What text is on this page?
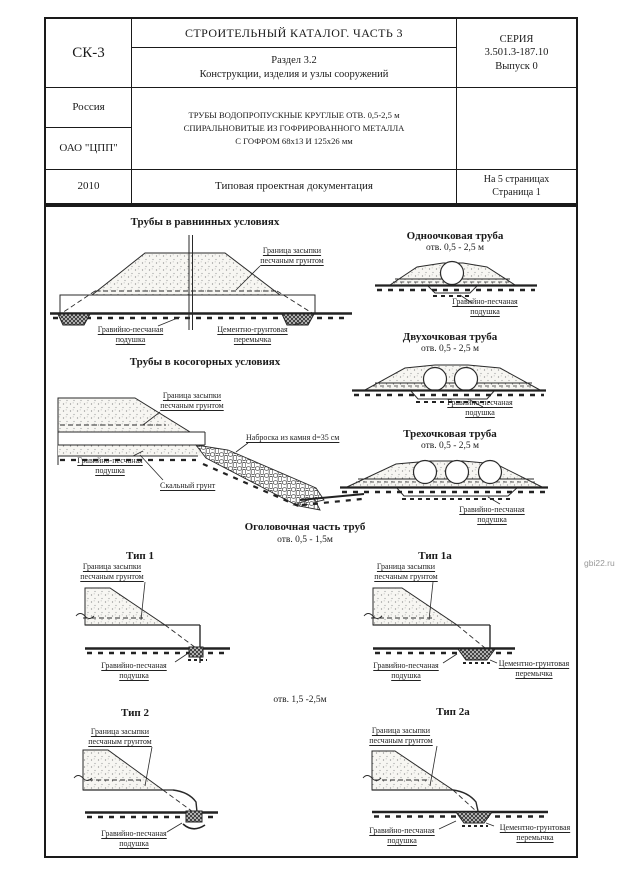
СК-3
СТРОИТЕЛЬНЫЙ КАТАЛОГ. ЧАСТЬ 3
Раздел 3.2
Конструкции, изделия и узлы сооружений
СЕРИЯ
3.501.3-187.10
Выпуск 0
Россия
ОАО "ЦПП"
ТРУБЫ ВОДОПРОПУСКНЫЕ КРУГЛЫЕ ОТВ. 0,5-2,5 м
СПИРАЛЬНОВИТЫЕ ИЗ ГОФРИРОВАННОГО МЕТАЛЛА
С ГОФРОМ 68х13 И 125х26 мм
2010	Типовая проектная документация
На 5 страницах
Страница 1
Трубы в равнинных условиях
Граница засыпки песчаным грунтом
Гравийно-песчаная подушка
Цементно-грунтовая перемычка
Одноочковая труба
отв. 0,5 - 2,5 м
Гравийно-песчаная подушка
Двухочковая труба
отв. 0,5 - 2,5 м
Гравийно-песчаная подушка
Трехочковая труба
отв. 0,5 - 2,5 м
Гравийно-песчаная подушка
Трубы в косогорных условиях
Граница засыпки песчаным грунтом
Наброска из камня d=35 см
Гравийно-песчаная подушка
Скальный грунт
Оголовочная часть труб
отв. 0,5 - 1,5м
Тип 1
Граница засыпки песчаным грунтом
Гравийно-песчаная подушка
Тип 1а
Граница засыпки песчаным грунтом
Гравийно-песчаная подушка
Цементно-грунтовая перемычка
отв. 1,5 -2,5м
Тип 2
Граница засыпки песчаным грунтом
Гравийно-песчаная подушка
Тип 2а
Граница засыпки песчаным грунтом
Гравийно-песчаная подушка
Цементно-грунтовая перемычка
gbi22.ru
